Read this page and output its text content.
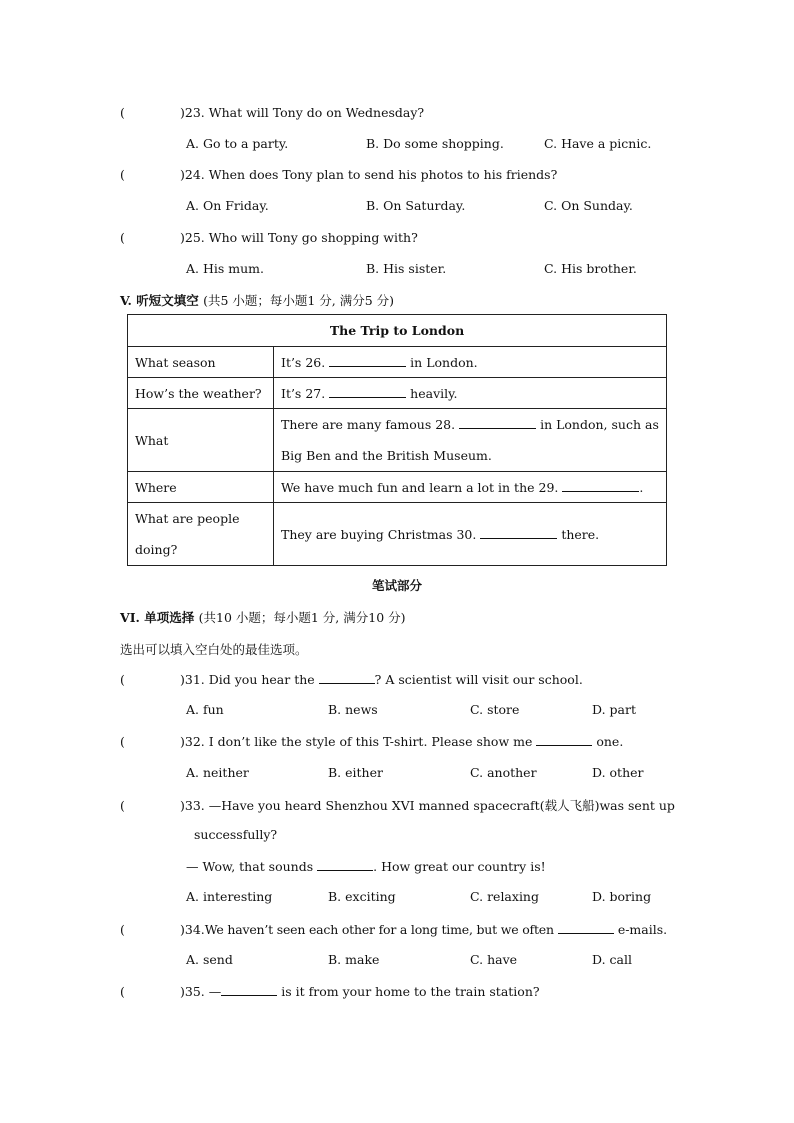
(	)23. What will Tony do on Wednesday?
A. Go to a party.	B. Do some shopping.	C. Have a picnic.
(	)24. When does Tony plan to send his photos to his friends?
A. On Friday.	B. On Saturday.	C. On Sunday.
(	)25. Who will Tony go shopping with?
A. His mum.	B. His sister.	C. His brother.
V. 听短文填空 (共5 小题；每小题1 分, 满分5 分)
The Trip to London	
What season	It’s 26. in London.
How’s the weather?	It’s 27. heavily.
What	There are many famous 28. in London, such as
Big Ben and the British Museum.

Where	We have much fun and learn a lot in the 29. .

What are people
doing?	They are buying Christmas 30. there.
笔试部分
VI. 单项选择 (共10 小题；每小题1 分, 满分10 分)
选出可以填入空白处的最佳选项。
(	)31. Did you hear the	? A scientist will visit our school.
A. fun	B. news	C. store	D. part
(	)32. I don’t like the style of this T-shirt. Please show me	one.
A. neither	B. either	C. another	D. other
(	)33. —Have you heard Shenzhou XVI manned spacecraft(载人飞船)was sent up
successfully?
— Wow, that sounds	. How great our country is!
A. interesting	B. exciting	C. relaxing	D. boring
(	)34.We haven’t seen each other for a long time, but we often	e-mails.
A. send	B. make	C. have	D. call
(	)35. —	is it from your home to the train station?
